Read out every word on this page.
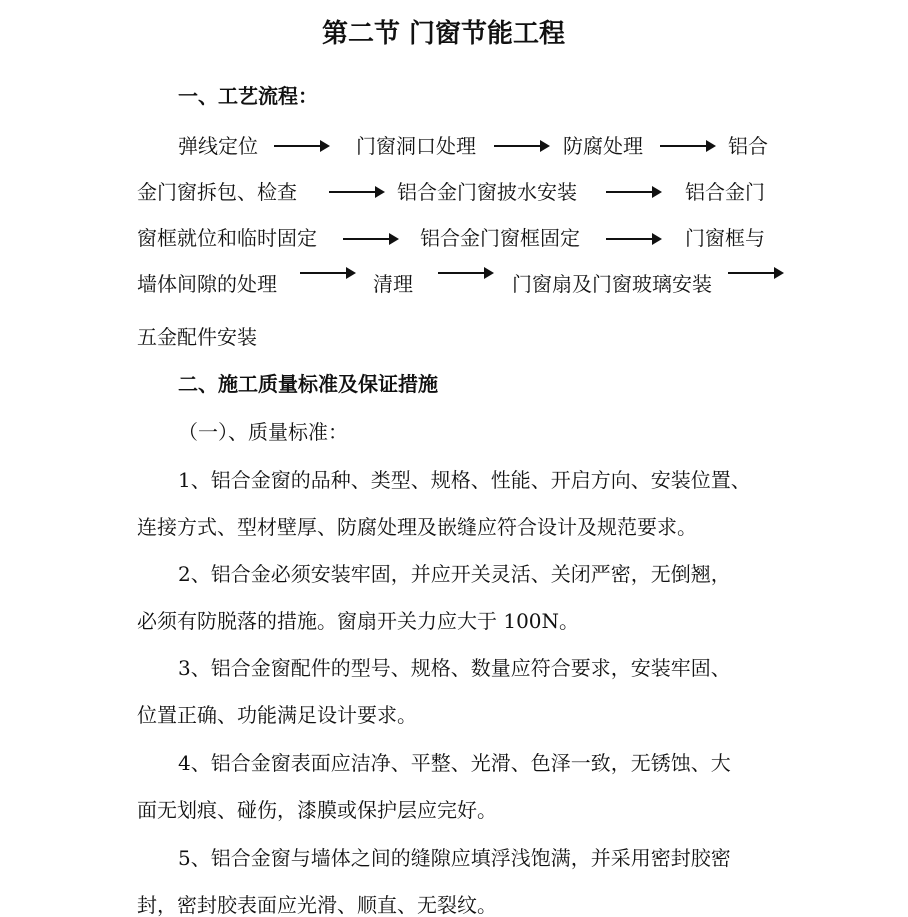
第二节 门窗节能工程
一、工艺流程：
弹线定位	门窗洞口处理	防腐处理	铝合
金门窗拆包、检查	铝合金门窗披水安装	铝合金门
窗框就位和临时固定	铝合金门窗框固定	门窗框与
墙体间隙的处理	清理	门窗扇及门窗玻璃安装
五金配件安装
二、施工质量标准及保证措施
（一）、质量标准：
1、铝合金窗的品种、类型、规格、性能、开启方向、安装位置、
连接方式、型材壁厚、防腐处理及嵌缝应符合设计及规范要求。
2、铝合金必须安装牢固，并应开关灵活、关闭严密，无倒翘，
必须有防脱落的措施。窗扇开关力应大于 100N。
3、铝合金窗配件的型号、规格、数量应符合要求，安装牢固、
位置正确、功能满足设计要求。
4、铝合金窗表面应洁净、平整、光滑、色泽一致，无锈蚀、大
面无划痕、碰伤，漆膜或保护层应完好。
5、铝合金窗与墙体之间的缝隙应填浮浅饱满，并采用密封胶密
封，密封胶表面应光滑、顺直、无裂纹。
